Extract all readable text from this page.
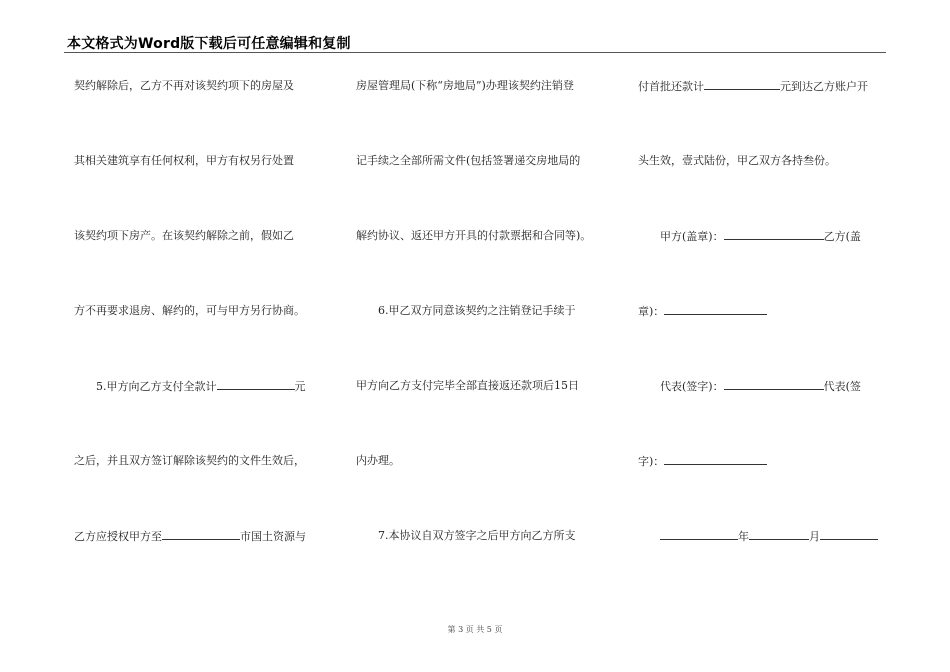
本文格式为Word版下载后可任意编辑和复制
契约解除后，乙方不再对该契约项下的房屋及
其相关建筑享有任何权利，甲方有权另行处置
该契约项下房产。在该契约解除之前，假如乙
方不再要求退房、解约的，可与甲方另行协商。
5.甲方向乙方支付全款计	元
之后，并且双方签订解除该契约的文件生效后，
乙方应授权甲方至	市国土资源与
房屋管理局(下称“房地局”)办理该契约注销登
记手续之全部所需文件(包括签署递交房地局的
解约协议、返还甲方开具的付款票据和合同等)。
6.甲乙双方同意该契约之注销登记手续于
甲方向乙方支付完毕全部直接返还款项后15日
内办理。
7.本协议自双方签字之后甲方向乙方所支
付首批还款计	元到达乙方账户开
头生效，壹式陆份，甲乙双方各持叁份。
甲方(盖章)：	乙方(盖
章)：
代表(签字)：	代表(签
字)：
年	月
第 3 页 共 5 页
